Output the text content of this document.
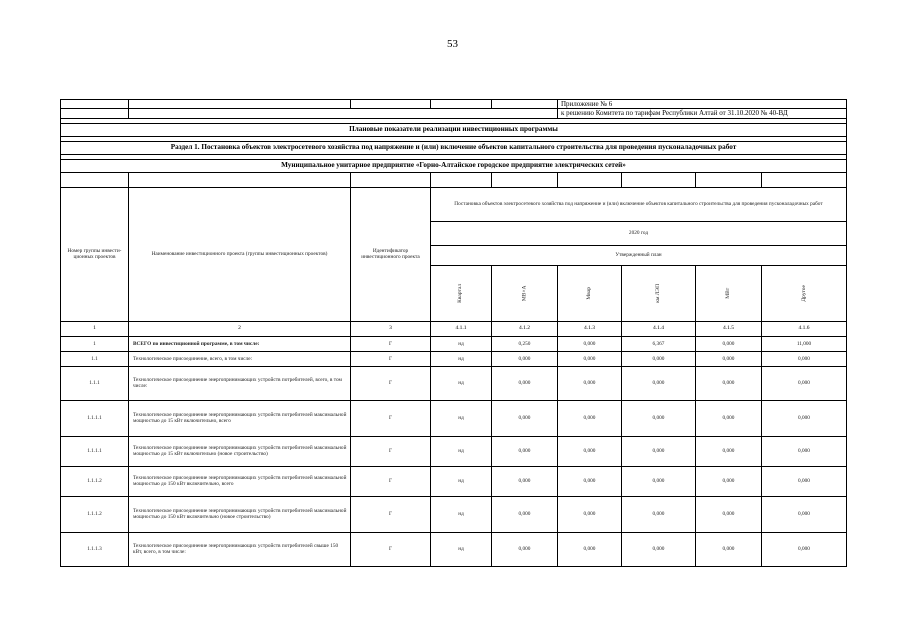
53
					Приложение № 6			
					к решению Комитета по тарифам Республики Алтай от 31.10.2020 № 40-ВД			

Плановые показатели реализации инвестиционных программы								

Раздел 1. Постановка объектов электросетевого хозяйства под напряжение и (или) включение объектов капитального строительства для проведения пусконаладочных работ								

Муниципальное унитарное предприятие «Горно-Алтайское городское предприятие электрических сетей»								

Номер группы инвести-ционных проектов	Наименование инвестиционного проекта (группы инвестиционных проектов)	Идентификатор инвестиционного проекта	Постановка объектов электросетевого хозяйства под напряжение и (или) включение объектов капитального строительства для проведения пусконаладочных работ					
			2020 год					
			Утвержденный план					
			Квартал	МВ×А	Мвар	км ЛЭП	МВт	Другое
1	2	3	4.1.1	4.1.2	4.1.3	4.1.4	4.1.5	4.1.6
1	ВСЕГО по инвестиционной программе, в том числе:	Г	нд	0,250	0,000	6,367	0,000	11,000
1.1	Технологическое присоединение, всего, в том числе:	Г	нд	0,000	0,000	0,000	0,000	0,000
1.1.1	Технологическое присоединение энергопринимающих устройств потребителей, всего, в том числе:	Г	нд	0,000	0,000	0,000	0,000	0,000
1.1.1.1	Технологическое присоединение энергопринимающих устройств потребителей максимальной мощностью до 15 кВт включительно, всего	Г	нд	0,000	0,000	0,000	0,000	0,000
1.1.1.1	Технологическое присоединение энергопринимающих устройств потребителей максимальной мощностью до 15 кВт включительно (новое строительство)	Г	нд	0,000	0,000	0,000	0,000	0,000
1.1.1.2	Технологическое присоединение энергопринимающих устройств потребителей максимальной мощностью до 150 кВт включительно, всего	Г	нд	0,000	0,000	0,000	0,000	0,000
1.1.1.2	Технологическое присоединение энергопринимающих устройств потребителей максимальной мощностью до 150 кВт включительно (новое строительство)	Г	нд	0,000	0,000	0,000	0,000	0,000
1.1.1.3	Технологическое присоединение энергопринимающих устройств потребителей свыше 150 кВт, всего, в том числе:	Г	нд	0,000	0,000	0,000	0,000	0,000
